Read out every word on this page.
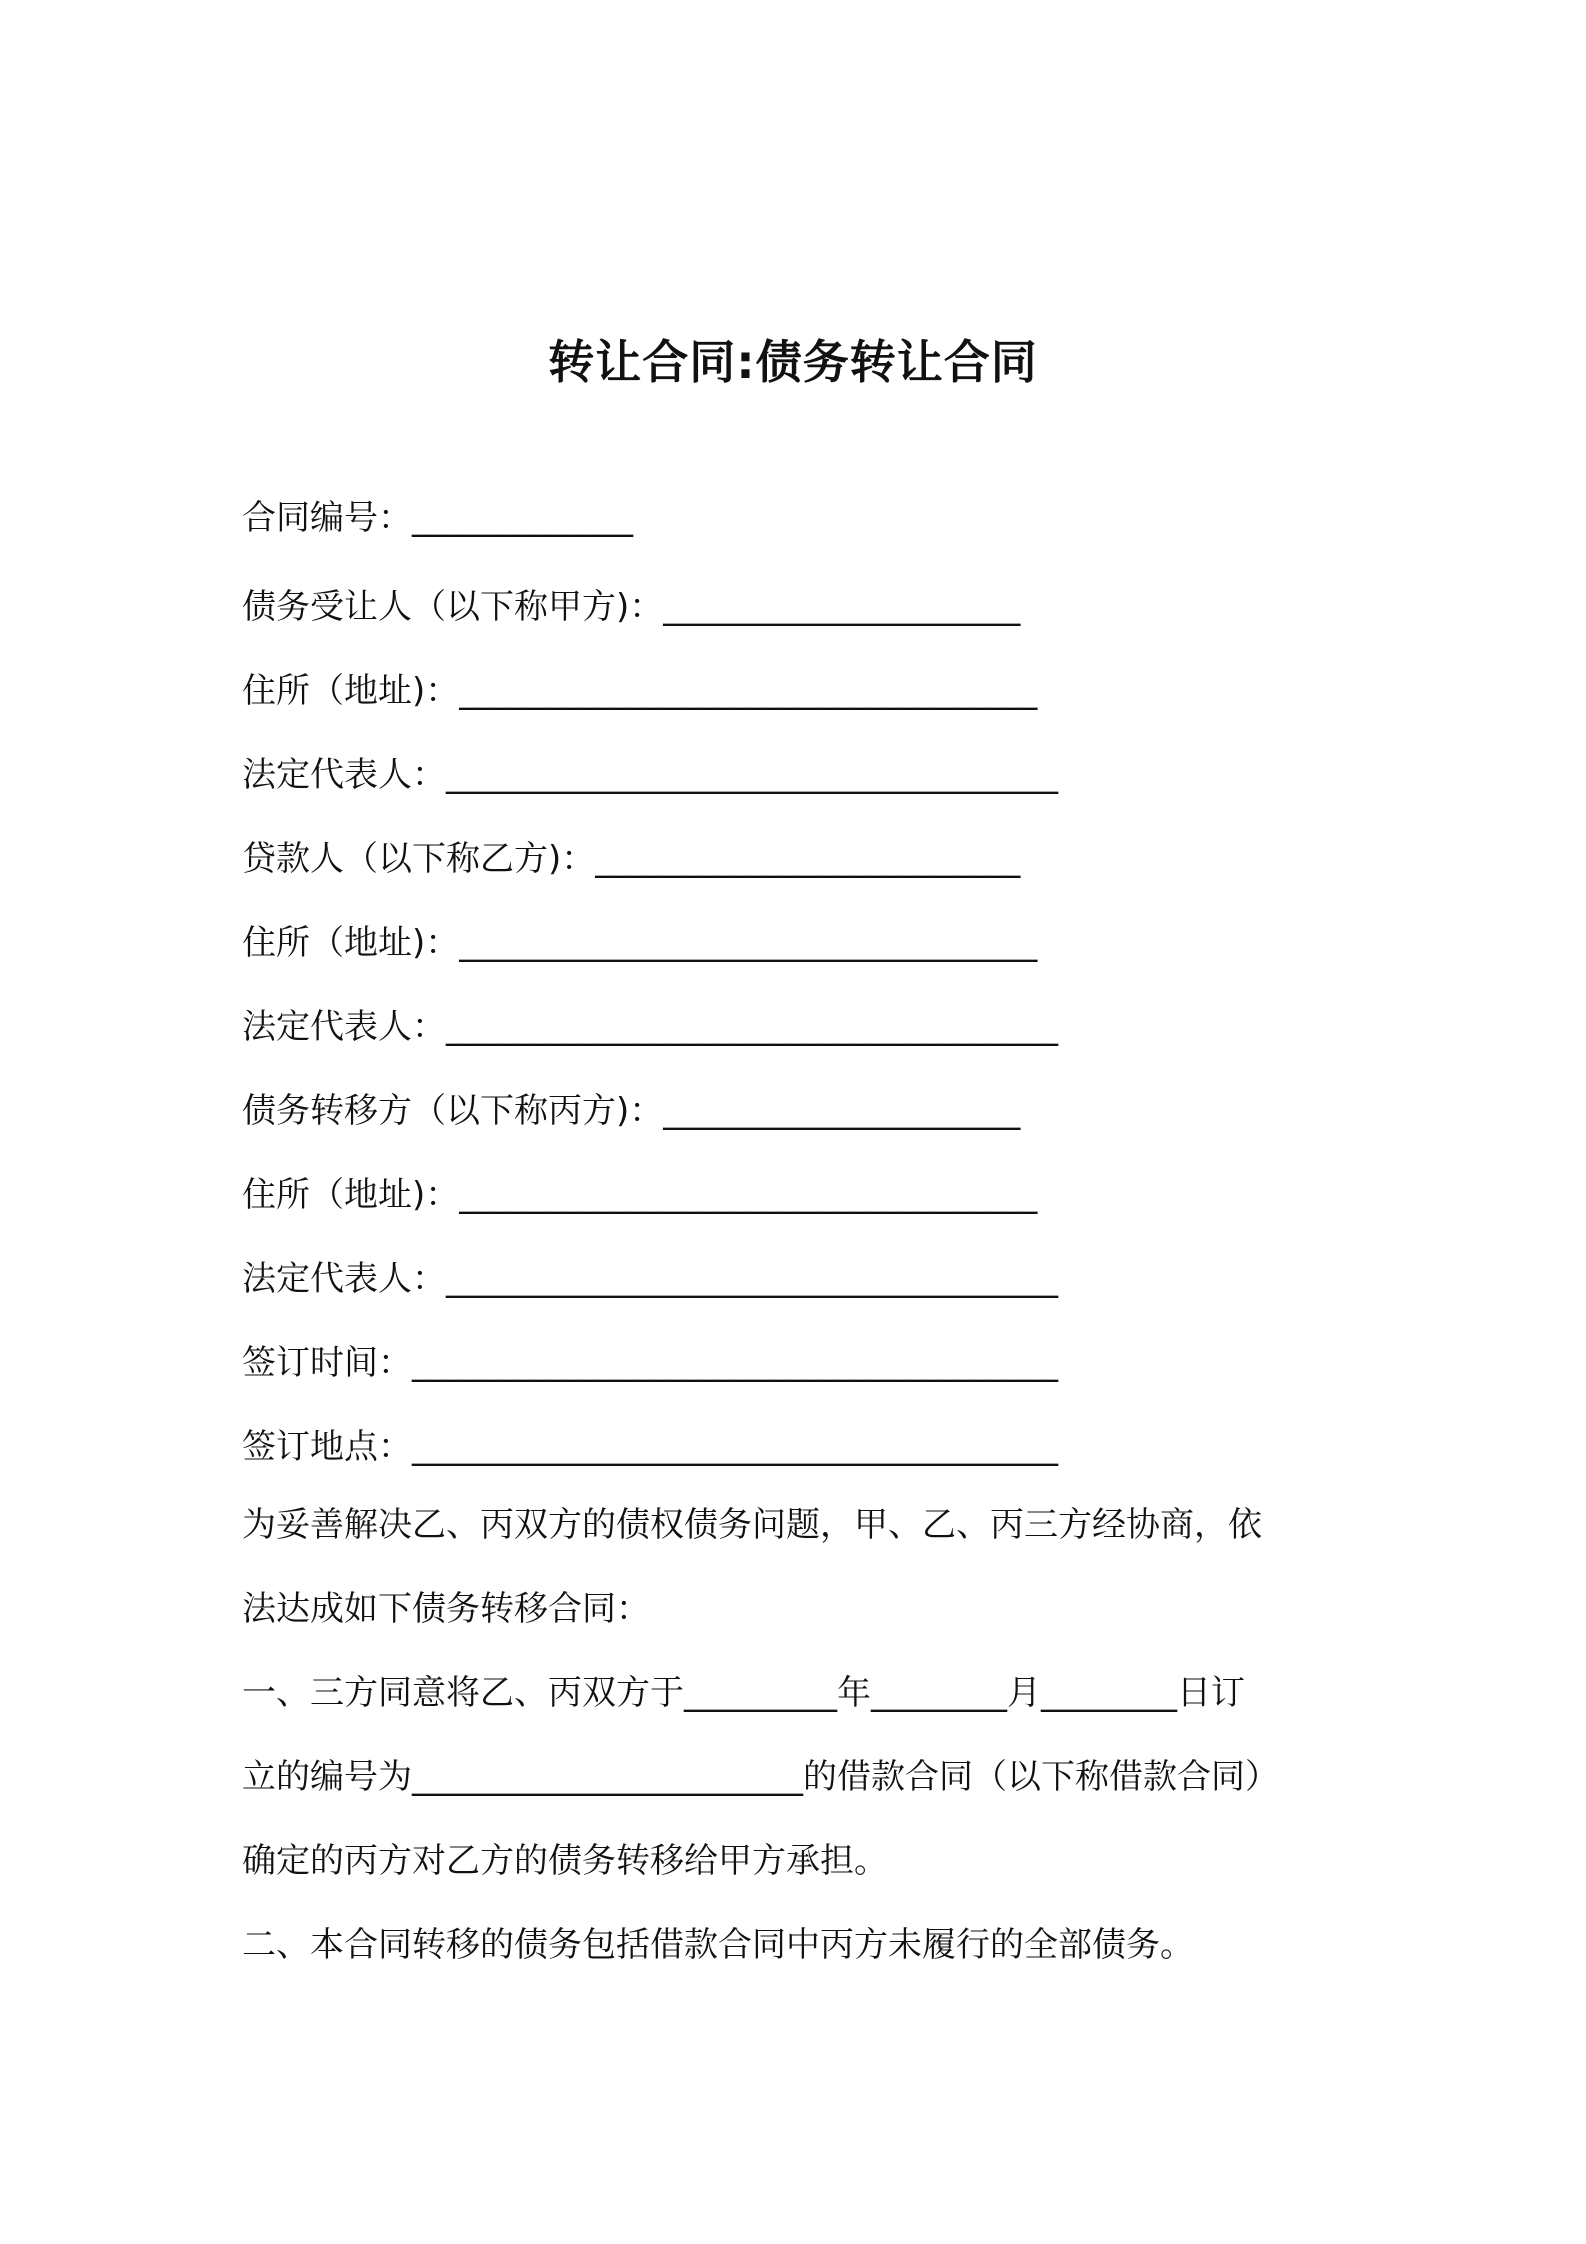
转让合同:债务转让合同

合同编号：_____________

债务受让人（以下称甲方)：_____________________

住所（地址)：__________________________________

法定代表人：____________________________________

贷款人（以下称乙方)：_________________________

住所（地址)：__________________________________

法定代表人：____________________________________

债务转移方（以下称丙方)：_____________________

住所（地址)：__________________________________

法定代表人：____________________________________

签订时间：______________________________________

签订地点：______________________________________

为妥善解决乙、丙双方的债权债务问题，甲、乙、丙三方经协商，依

法达成如下债务转移合同：

一、三方同意将乙、丙双方于_________年________月________日订

立的编号为_______________________的借款合同（以下称借款合同）

确定的丙方对乙方的债务转移给甲方承担。

二、本合同转移的债务包括借款合同中丙方未履行的全部债务。
